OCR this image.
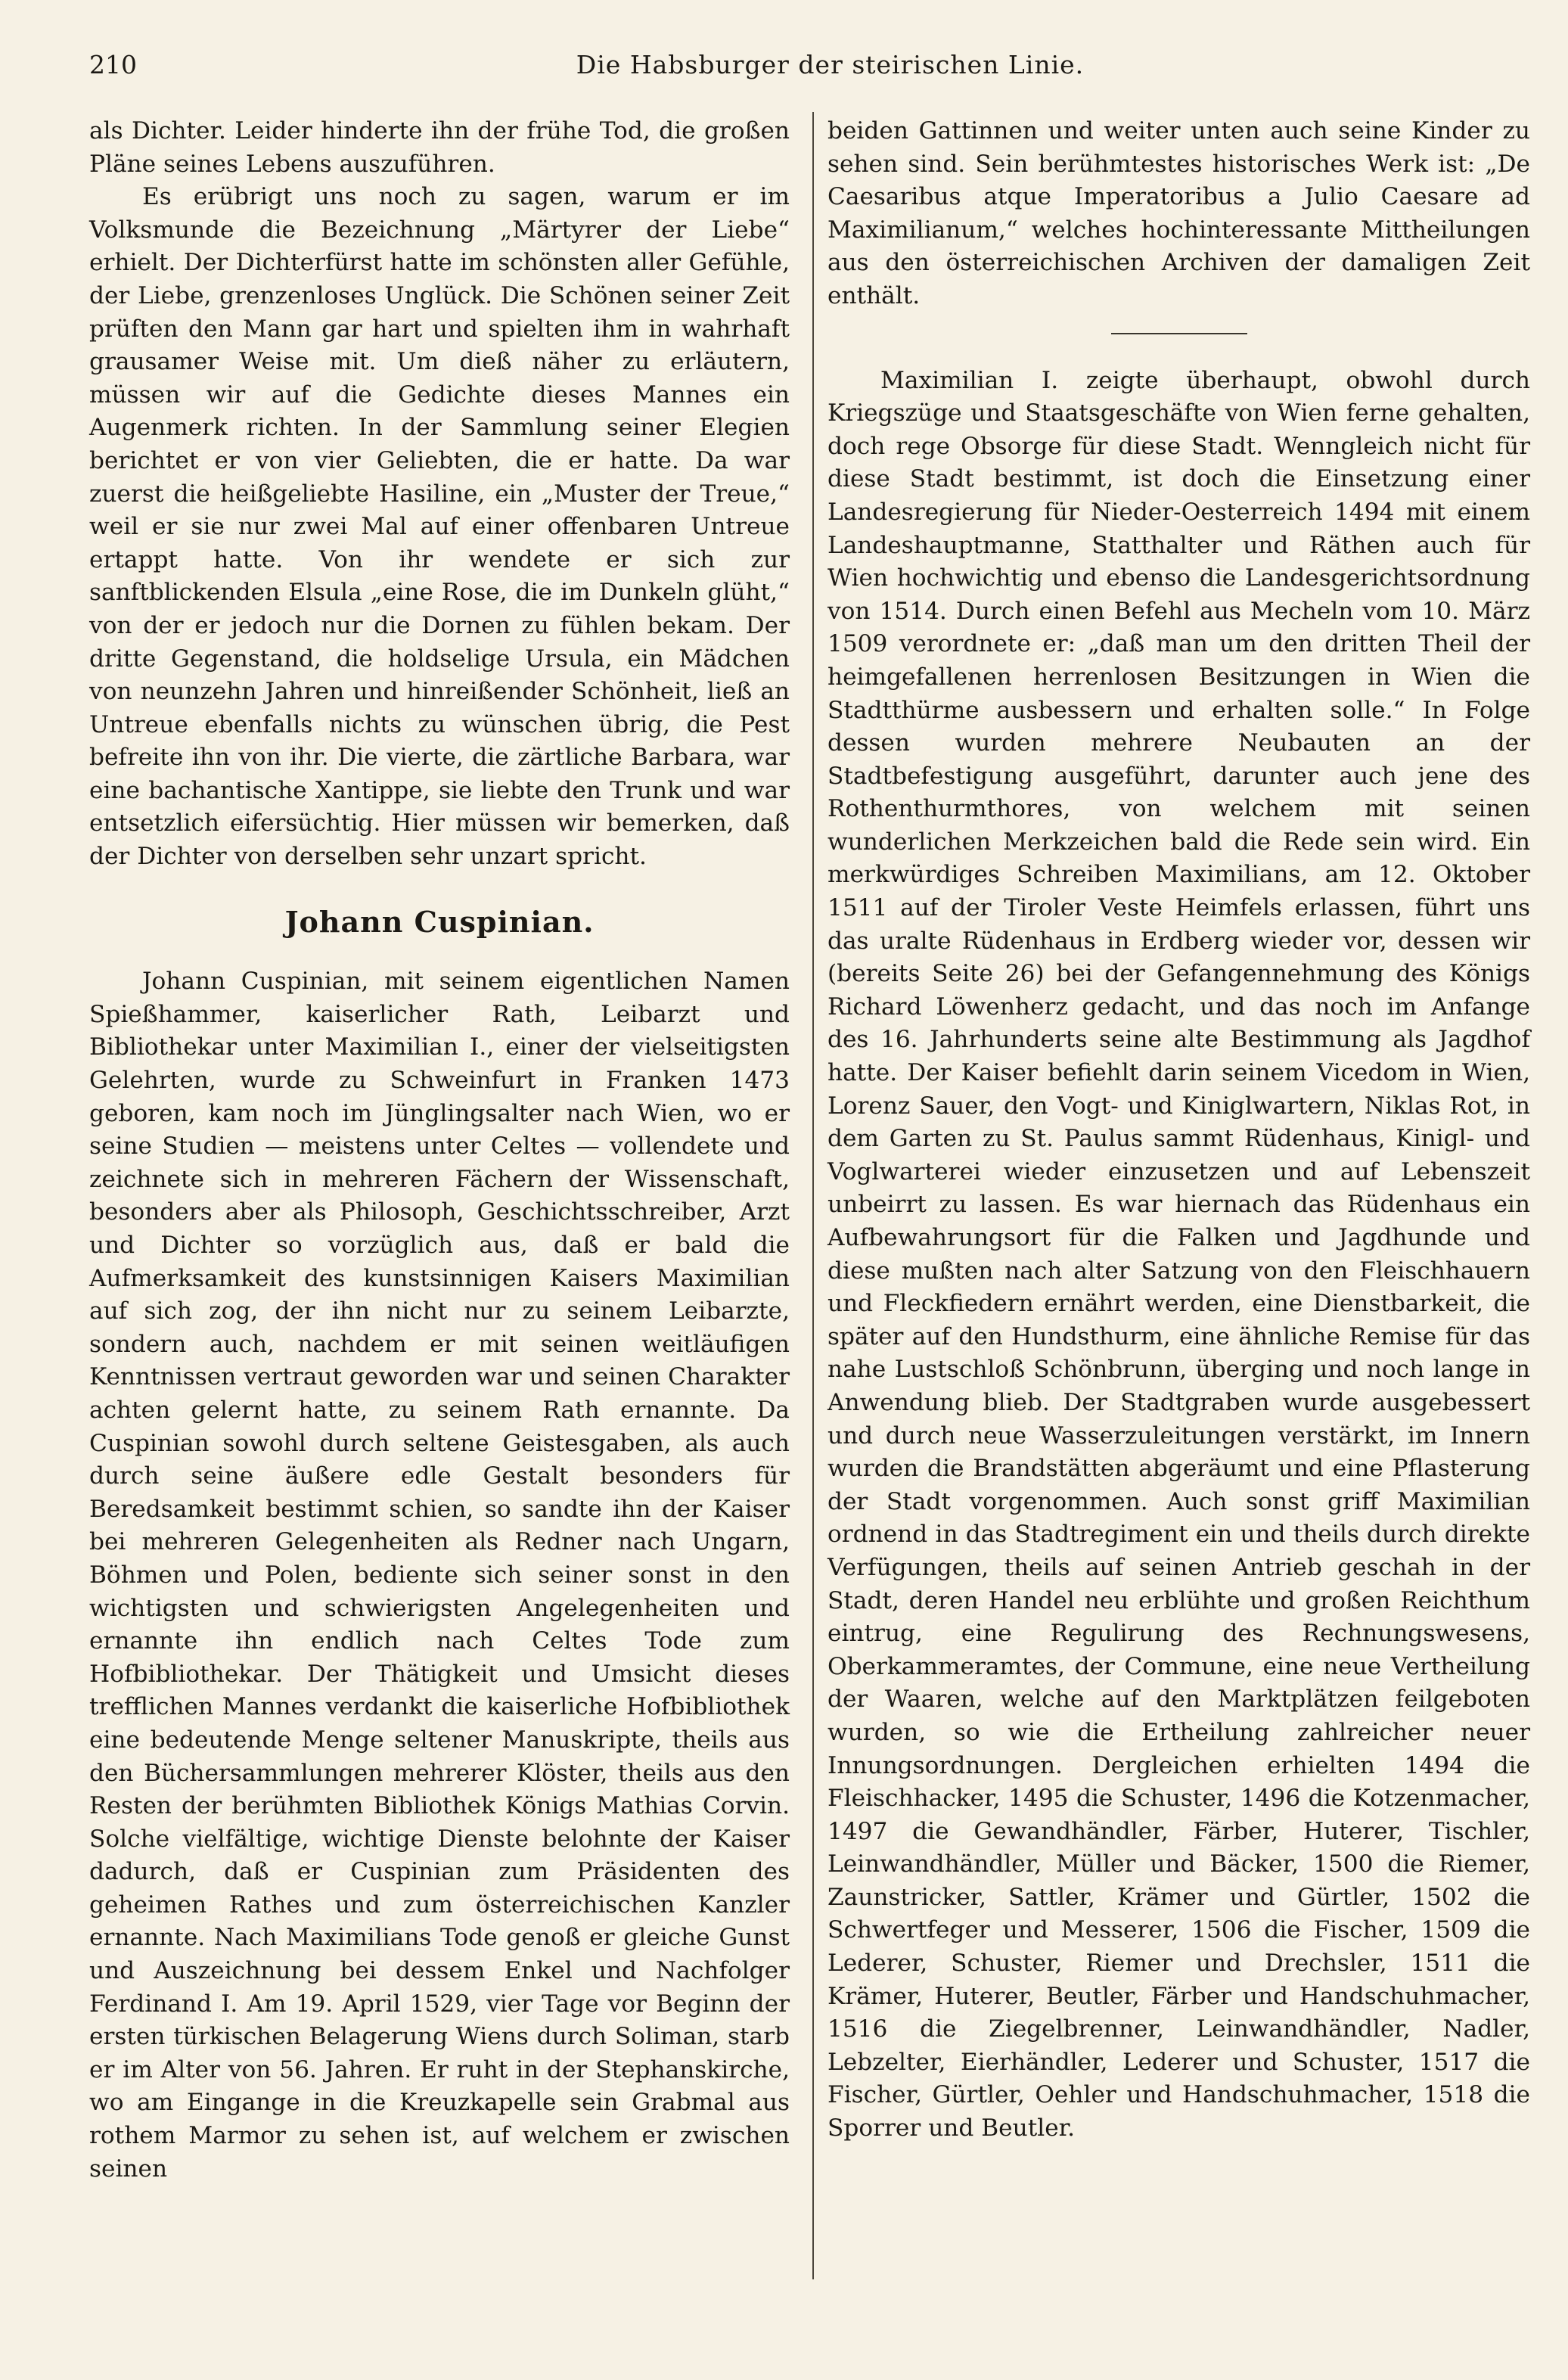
210	Die Habsburger der steirischen Linie.

als Dichter. Leider hinderte ihn der frühe Tod, die großen Pläne seines Lebens auszuführen.

Es erübrigt uns noch zu sagen, warum er im Volksmunde die Bezeichnung „Märtyrer der Liebe“ erhielt. Der Dichterfürst hatte im schönsten aller Gefühle, der Liebe, grenzenloses Unglück. Die Schönen seiner Zeit prüften den Mann gar hart und spielten ihm in wahrhaft grausamer Weise mit. Um dieß näher zu erläutern, müssen wir auf die Gedichte dieses Mannes ein Augenmerk richten. In der Sammlung seiner Elegien berichtet er von vier Geliebten, die er hatte. Da war zuerst die heißgeliebte Hasiline, ein „Muster der Treue,“ weil er sie nur zwei Mal auf einer offenbaren Untreue ertappt hatte. Von ihr wendete er sich zur sanftblickenden Elsula „eine Rose, die im Dunkeln glüht,“ von der er jedoch nur die Dornen zu fühlen bekam. Der dritte Gegenstand, die holdselige Ursula, ein Mädchen von neunzehn Jahren und hinreißender Schönheit, ließ an Untreue ebenfalls nichts zu wünschen übrig, die Pest befreite ihn von ihr. Die vierte, die zärtliche Barbara, war eine bachantische Xantippe, sie liebte den Trunk und war entsetzlich eifersüchtig. Hier müssen wir bemerken, daß der Dichter von derselben sehr unzart spricht.

Johann Cuspinian.

Johann Cuspinian, mit seinem eigentlichen Namen Spießhammer, kaiserlicher Rath, Leibarzt und Bibliothekar unter Maximilian I., einer der vielseitigsten Gelehrten, wurde zu Schweinfurt in Franken 1473 geboren, kam noch im Jünglingsalter nach Wien, wo er seine Studien — meistens unter Celtes — vollendete und zeichnete sich in mehreren Fächern der Wissenschaft, besonders aber als Philosoph, Geschichtsschreiber, Arzt und Dichter so vorzüglich aus, daß er bald die Aufmerksamkeit des kunstsinnigen Kaisers Maximilian auf sich zog, der ihn nicht nur zu seinem Leibarzte, sondern auch, nachdem er mit seinen weitläufigen Kenntnissen vertraut geworden war und seinen Charakter achten gelernt hatte, zu seinem Rath ernannte. Da Cuspinian sowohl durch seltene Geistesgaben, als auch durch seine äußere edle Gestalt besonders für Beredsamkeit bestimmt schien, so sandte ihn der Kaiser bei mehreren Gelegenheiten als Redner nach Ungarn, Böhmen und Polen, bediente sich seiner sonst in den wichtigsten und schwierigsten Angelegenheiten und ernannte ihn endlich nach Celtes Tode zum Hofbibliothekar. Der Thätigkeit und Umsicht dieses trefflichen Mannes verdankt die kaiserliche Hofbibliothek eine bedeutende Menge seltener Manuskripte, theils aus den Büchersammlungen mehrerer Klöster, theils aus den Resten der berühmten Bibliothek Königs Mathias Corvin. Solche vielfältige, wichtige Dienste belohnte der Kaiser dadurch, daß er Cuspinian zum Präsidenten des geheimen Rathes und zum österreichischen Kanzler ernannte. Nach Maximilians Tode genoß er gleiche Gunst und Auszeichnung bei dessem Enkel und Nachfolger Ferdinand I. Am 19. April 1529, vier Tage vor Beginn der ersten türkischen Belagerung Wiens durch Soliman, starb er im Alter von 56. Jahren. Er ruht in der Stephanskirche, wo am Eingange in die Kreuzkapelle sein Grabmal aus rothem Marmor zu sehen ist, auf welchem er zwischen seinen

beiden Gattinnen und weiter unten auch seine Kinder zu sehen sind. Sein berühmtestes historisches Werk ist: „De Caesaribus atque Imperatoribus a Julio Caesare ad Maximilianum,“ welches hochinteressante Mittheilungen aus den österreichischen Archiven der damaligen Zeit enthält.

Maximilian I. zeigte überhaupt, obwohl durch Kriegszüge und Staatsgeschäfte von Wien ferne gehalten, doch rege Obsorge für diese Stadt. Wenngleich nicht für diese Stadt bestimmt, ist doch die Einsetzung einer Landesregierung für Nieder-Oesterreich 1494 mit einem Landeshauptmanne, Statthalter und Räthen auch für Wien hochwichtig und ebenso die Landesgerichtsordnung von 1514. Durch einen Befehl aus Mecheln vom 10. März 1509 verordnete er: „daß man um den dritten Theil der heimgefallenen herrenlosen Besitzungen in Wien die Stadtthürme ausbessern und erhalten solle.“ In Folge dessen wurden mehrere Neubauten an der Stadtbefestigung ausgeführt, darunter auch jene des Rothenthurmthores, von welchem mit seinen wunderlichen Merkzeichen bald die Rede sein wird. Ein merkwürdiges Schreiben Maximilians, am 12. Oktober 1511 auf der Tiroler Veste Heimfels erlassen, führt uns das uralte Rüdenhaus in Erdberg wieder vor, dessen wir (bereits Seite 26) bei der Gefangennehmung des Königs Richard Löwenherz gedacht, und das noch im Anfange des 16. Jahrhunderts seine alte Bestimmung als Jagdhof hatte. Der Kaiser befiehlt darin seinem Vicedom in Wien, Lorenz Sauer, den Vogt- und Kiniglwartern, Niklas Rot, in dem Garten zu St. Paulus sammt Rüdenhaus, Kinigl- und Voglwarterei wieder einzusetzen und auf Lebenszeit unbeirrt zu lassen. Es war hiernach das Rüdenhaus ein Aufbewahrungsort für die Falken und Jagdhunde und diese mußten nach alter Satzung von den Fleischhauern und Fleckfiedern ernährt werden, eine Dienstbarkeit, die später auf den Hundsthurm, eine ähnliche Remise für das nahe Lustschloß Schönbrunn, überging und noch lange in Anwendung blieb. Der Stadtgraben wurde ausgebessert und durch neue Wasserzuleitungen verstärkt, im Innern wurden die Brandstätten abgeräumt und eine Pflasterung der Stadt vorgenommen. Auch sonst griff Maximilian ordnend in das Stadtregiment ein und theils durch direkte Verfügungen, theils auf seinen Antrieb geschah in der Stadt, deren Handel neu erblühte und großen Reichthum eintrug, eine Regulirung des Rechnungswesens, Oberkammeramtes, der Commune, eine neue Vertheilung der Waaren, welche auf den Marktplätzen feilgeboten wurden, so wie die Ertheilung zahlreicher neuer Innungsordnungen. Dergleichen erhielten 1494 die Fleischhacker, 1495 die Schuster, 1496 die Kotzenmacher, 1497 die Gewandhändler, Färber, Huterer, Tischler, Leinwandhändler, Müller und Bäcker, 1500 die Riemer, Zaunstricker, Sattler, Krämer und Gürtler, 1502 die Schwertfeger und Messerer, 1506 die Fischer, 1509 die Lederer, Schuster, Riemer und Drechsler, 1511 die Krämer, Huterer, Beutler, Färber und Handschuhmacher, 1516 die Ziegelbrenner, Leinwandhändler, Nadler, Lebzelter, Eierhändler, Lederer und Schuster, 1517 die Fischer, Gürtler, Oehler und Handschuhmacher, 1518 die Sporrer und Beutler.
